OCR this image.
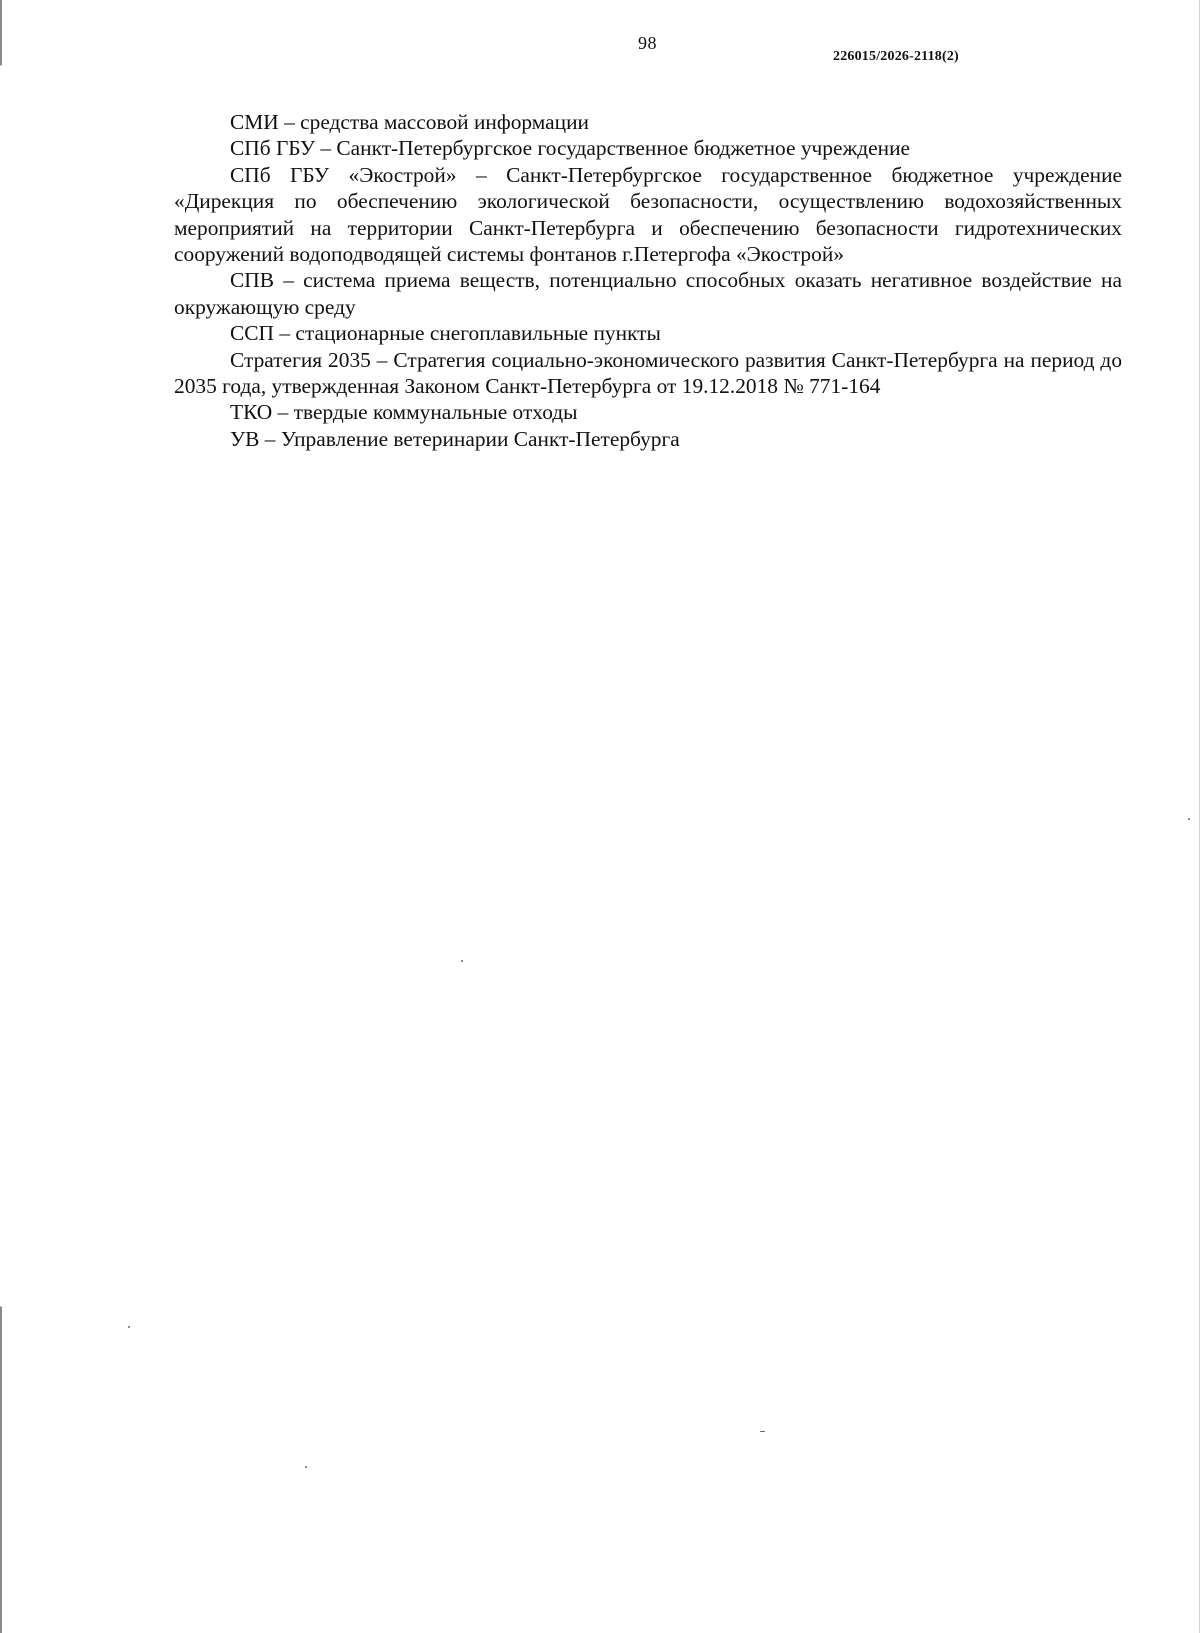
98
226015/2026-2118(2)

СМИ – средства массовой информации

СПб ГБУ – Санкт-Петербургское государственное бюджетное учреждение

СПб ГБУ «Экострой» – Санкт-Петербургское государственное бюджетное учреждение «Дирекция по обеспечению экологической безопасности, осуществлению водохозяйственных мероприятий на территории Санкт-Петербурга и обеспечению безопасности гидротехнических сооружений водоподводящей системы фонтанов г.Петергофа «Экострой»

СПВ – система приема веществ, потенциально способных оказать негативное воздействие на окружающую среду

ССП – стационарные снегоплавильные пункты

Стратегия 2035 – Стратегия социально-экономического развития Санкт-Петербурга на период до 2035 года, утвержденная Законом Санкт-Петербурга от 19.12.2018 № 771-164

ТКО – твердые коммунальные отходы

УВ – Управление ветеринарии Санкт-Петербурга
